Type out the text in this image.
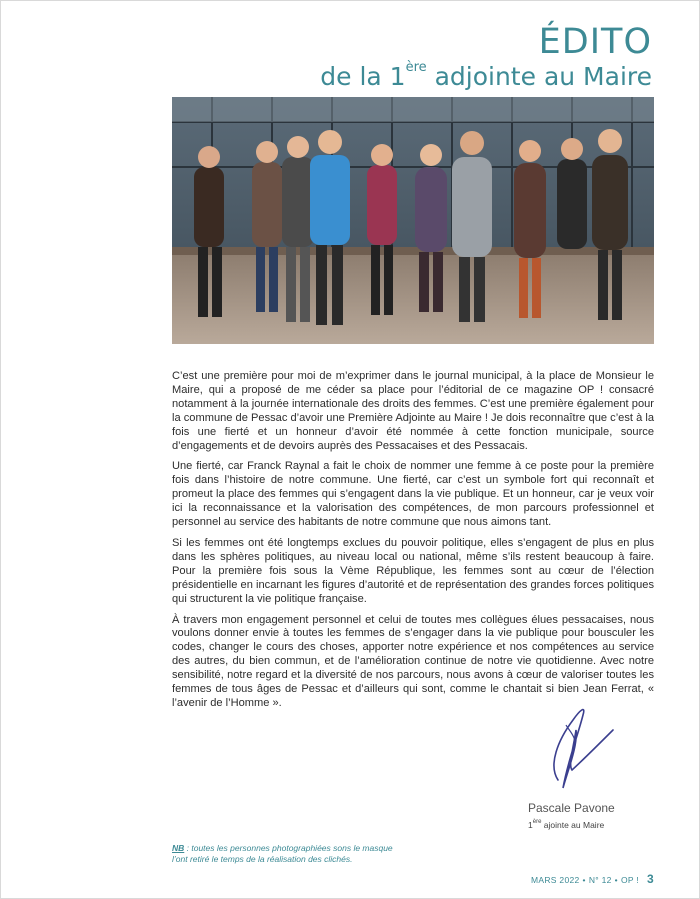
ÉDITO
de la 1ère adjointe au Maire

C’est une première pour moi de m’exprimer dans le journal municipal, à la place de Monsieur le Maire, qui a proposé de me céder sa place pour l’éditorial de ce magazine OP ! consacré notamment à la journée internationale des droits des femmes. C’est une première également pour la commune de Pessac d’avoir une Première Adjointe au Maire ! Je dois reconnaître que c’est à la fois une fierté et un honneur d’avoir été nommée à cette fonction municipale, source d’engagements et de devoirs auprès des Pessacaises et des Pessacais.

Une fierté, car Franck Raynal a fait le choix de nommer une femme à ce poste pour la première fois dans l’histoire de notre commune. Une fierté, car c’est un symbole fort qui reconnaît et promeut la place des femmes qui s’engagent dans la vie publique. Et un honneur, car je veux voir ici la reconnaissance et la valorisation des compétences, de mon parcours professionnel et personnel au service des habitants de notre commune que nous aimons tant.

Si les femmes ont été longtemps exclues du pouvoir politique, elles s’engagent de plus en plus dans les sphères politiques, au niveau local ou national, même s’ils restent beaucoup à faire. Pour la première fois sous la Vème République, les femmes sont au cœur de l’élection présidentielle en incarnant les figures d’autorité et de représentation des grandes forces politiques qui structurent la vie politique française.

À travers mon engagement personnel et celui de toutes mes collègues élues pessacaises, nous voulons donner envie à toutes les femmes de s’engager dans la vie publique pour bousculer les codes, changer le cours des choses, apporter notre expérience et nos compétences au service des autres, du bien commun, et de l’amélioration continue de notre vie quotidienne. Avec notre sensibilité, notre regard et la diversité de nos parcours, nous avons à cœur de valoriser toutes les femmes de tous âges de Pessac et d’ailleurs qui sont, comme le chantait si bien Jean Ferrat, « l’avenir de l’Homme ».

Pascale Pavone
1ère ajointe au Maire
NB : toutes les personnes photographiées sons le masque
l’ont retiré le temps de la réalisation des clichés.
MARS 2022 • N° 12 • OP ! 3
